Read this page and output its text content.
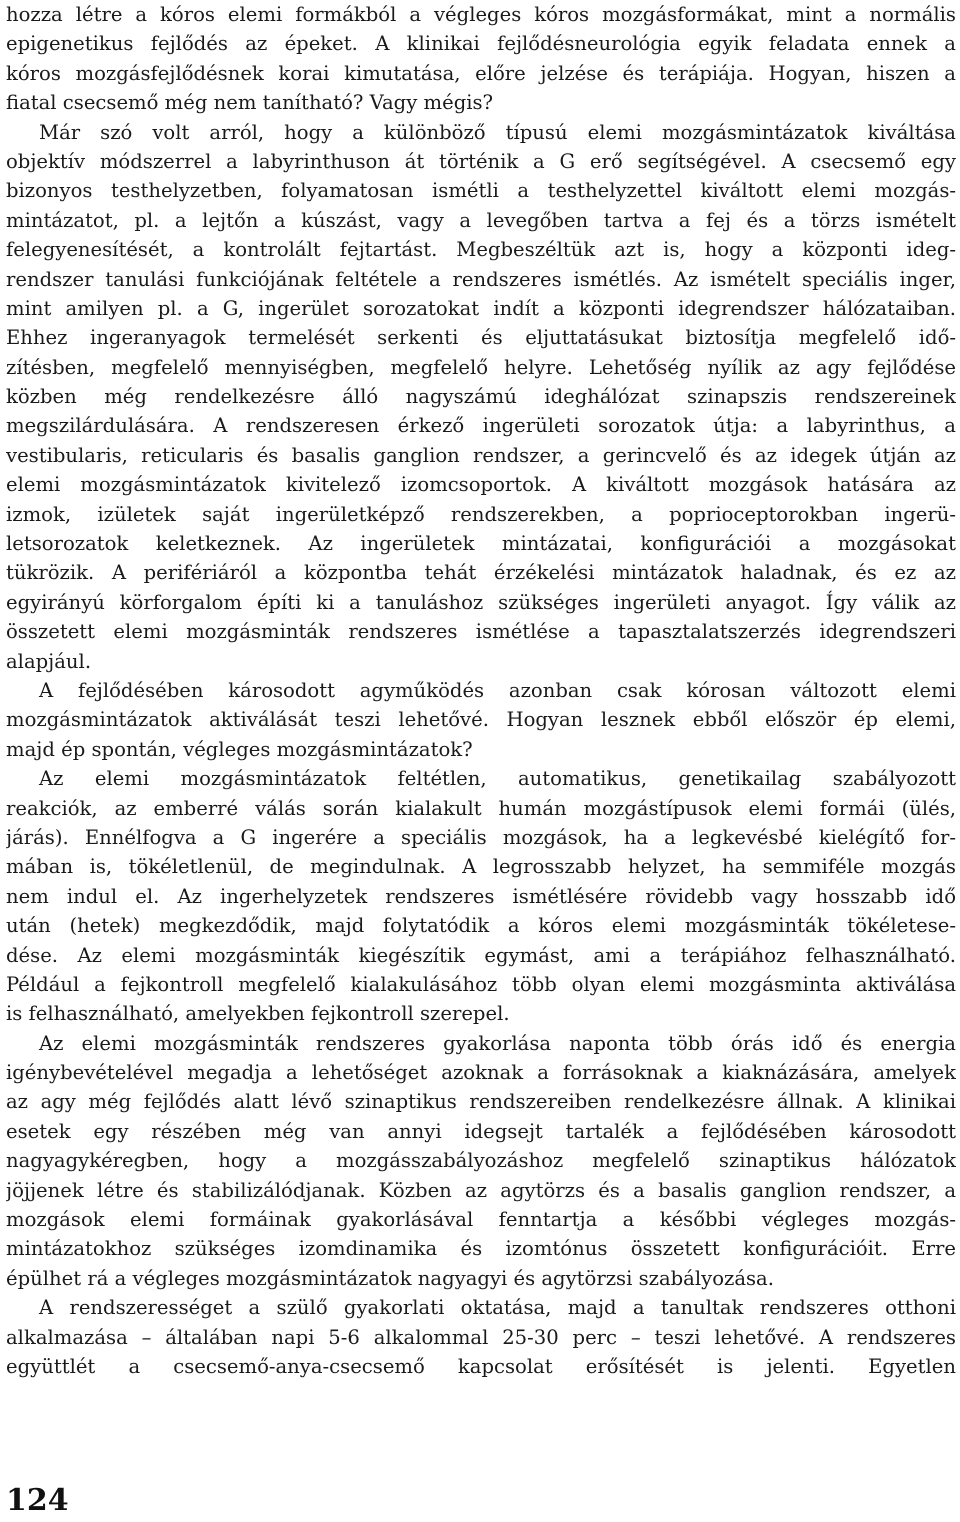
hozza létre a kóros elemi formákból a végleges kóros mozgásformákat, mint a normális
epigenetikus fejlődés az épeket. A klinikai fejlődésneurológia egyik feladata ennek a
kóros mozgásfejlődésnek korai kimutatása, előre jelzése és terápiája. Hogyan, hiszen a
fiatal csecsemő még nem tanítható? Vagy mégis?
Már szó volt arról, hogy a különböző típusú elemi mozgásmintázatok kiváltása
objektív módszerrel a labyrinthuson át történik a G erő segítségével. A csecsemő egy
bizonyos testhelyzetben, folyamatosan ismétli a testhelyzettel kiváltott elemi mozgás-
mintázatot, pl. a lejtőn a kúszást, vagy a levegőben tartva a fej és a törzs ismételt
felegyenesítését, a kontrolált fejtartást. Megbeszéltük azt is, hogy a központi ideg-
rendszer tanulási funkciójának feltétele a rendszeres ismétlés. Az ismételt speciális inger,
mint amilyen pl. a G, ingerület sorozatokat indít a központi idegrendszer hálózataiban.
Ehhez ingeranyagok termelését serkenti és eljuttatásukat biztosítja megfelelő idő-
zítésben, megfelelő mennyiségben, megfelelő helyre. Lehetőség nyílik az agy fejlődése
közben még rendelkezésre álló nagyszámú ideghálózat szinapszis rendszereinek
megszilárdulására. A rendszeresen érkező ingerületi sorozatok útja: a labyrinthus, a
vestibularis, reticularis és basalis ganglion rendszer, a gerincvelő és az idegek útján az
elemi mozgásmintázatok kivitelező izomcsoportok. A kiváltott mozgások hatására az
izmok, izületek saját ingerületképző rendszerekben, a poprioceptorokban ingerü-
letsorozatok keletkeznek. Az ingerületek mintázatai, konfigurációi a mozgásokat
tükrözik. A perifériáról a központba tehát érzékelési mintázatok haladnak, és ez az
egyirányú körforgalom építi ki a tanuláshoz szükséges ingerületi anyagot. Így válik az
összetett elemi mozgásminták rendszeres ismétlése a tapasztalatszerzés idegrendszeri
alapjául.
A fejlődésében károsodott agyműködés azonban csak kórosan változott elemi
mozgásmintázatok aktiválását teszi lehetővé. Hogyan lesznek ebből először ép elemi,
majd ép spontán, végleges mozgásmintázatok?
Az elemi mozgásmintázatok feltétlen, automatikus, genetikailag szabályozott
reakciók, az emberré válás során kialakult humán mozgástípusok elemi formái (ülés,
járás). Ennélfogva a G ingerére a speciális mozgások, ha a legkevésbé kielégítő for-
mában is, tökéletlenül, de megindulnak. A legrosszabb helyzet, ha semmiféle mozgás
nem indul el. Az ingerhelyzetek rendszeres ismétlésére rövidebb vagy hosszabb idő
után (hetek) megkezdődik, majd folytatódik a kóros elemi mozgásminták tökéletese-
dése. Az elemi mozgásminták kiegészítik egymást, ami a terápiához felhasználható.
Például a fejkontroll megfelelő kialakulásához több olyan elemi mozgásminta aktiválása
is felhasználható, amelyekben fejkontroll szerepel.
Az elemi mozgásminták rendszeres gyakorlása naponta több órás idő és energia
igénybevételével megadja a lehetőséget azoknak a forrásoknak a kiaknázására, amelyek
az agy még fejlődés alatt lévő szinaptikus rendszereiben rendelkezésre állnak. A klinikai
esetek egy részében még van annyi idegsejt tartalék a fejlődésében károsodott
nagyagykéregben, hogy a mozgásszabályozáshoz megfelelő szinaptikus hálózatok
jöjjenek létre és stabilizálódjanak. Közben az agytörzs és a basalis ganglion rendszer, a
mozgások elemi formáinak gyakorlásával fenntartja a későbbi végleges mozgás-
mintázatokhoz szükséges izomdinamika és izomtónus összetett konfigurációit. Erre
épülhet rá a végleges mozgásmintázatok nagyagyi és agytörzsi szabályozása.
A rendszerességet a szülő gyakorlati oktatása, majd a tanultak rendszeres otthoni
alkalmazása – általában napi 5-6 alkalommal 25-30 perc – teszi lehetővé. A rendszeres
együttlét a csecsemő-anya-csecsemő kapcsolat erősítését is jelenti. Egyetlen
124
